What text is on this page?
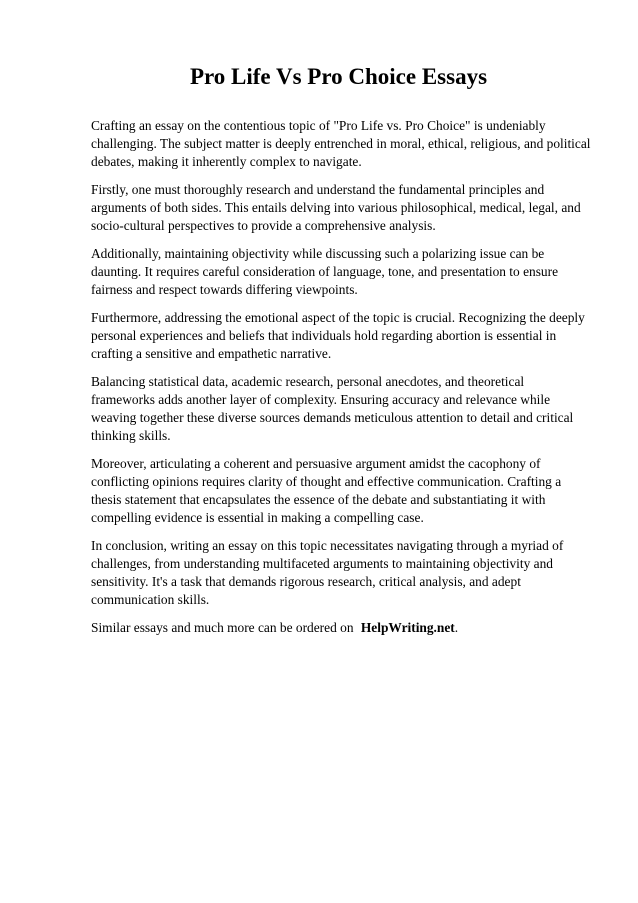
Pro Life Vs Pro Choice Essays

Crafting an essay on the contentious topic of "Pro Life vs. Pro Choice" is undeniably challenging. The subject matter is deeply entrenched in moral, ethical, religious, and political debates, making it inherently complex to navigate.

Firstly, one must thoroughly research and understand the fundamental principles and arguments of both sides. This entails delving into various philosophical, medical, legal, and socio-cultural perspectives to provide a comprehensive analysis.

Additionally, maintaining objectivity while discussing such a polarizing issue can be daunting. It requires careful consideration of language, tone, and presentation to ensure fairness and respect towards differing viewpoints.

Furthermore, addressing the emotional aspect of the topic is crucial. Recognizing the deeply personal experiences and beliefs that individuals hold regarding abortion is essential in crafting a sensitive and empathetic narrative.

Balancing statistical data, academic research, personal anecdotes, and theoretical frameworks adds another layer of complexity. Ensuring accuracy and relevance while weaving together these diverse sources demands meticulous attention to detail and critical thinking skills.

Moreover, articulating a coherent and persuasive argument amidst the cacophony of conflicting opinions requires clarity of thought and effective communication. Crafting a thesis statement that encapsulates the essence of the debate and substantiating it with compelling evidence is essential in making a compelling case.

In conclusion, writing an essay on this topic necessitates navigating through a myriad of challenges, from understanding multifaceted arguments to maintaining objectivity and sensitivity. It's a task that demands rigorous research, critical analysis, and adept communication skills.

Similar essays and much more can be ordered on HelpWriting.net.
